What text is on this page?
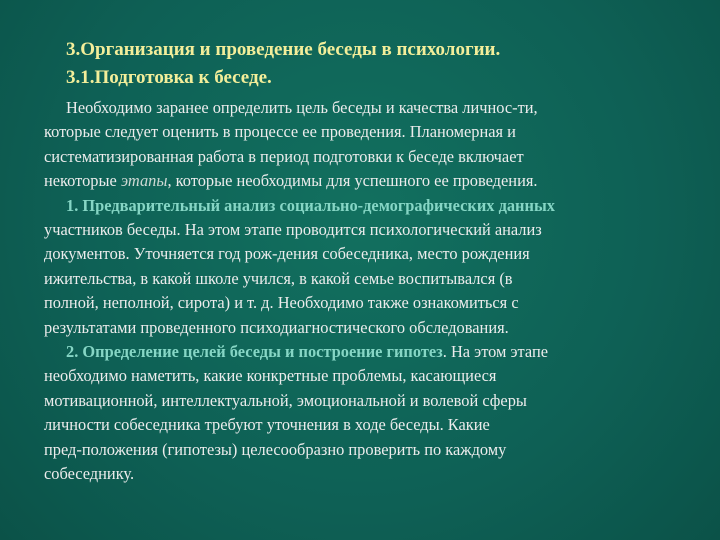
3.Организация и проведение беседы в психологии.
3.1.Подготовка к беседе.
Необходимо заранее определить цель беседы и качества личнос-ти,
которые следует оценить в процессе ее проведения. Планомерная и
систематизированная работа в период подготовки к беседе включает
некоторые этапы, которые необходимы для успешного ее проведения.
1. Предварительный анализ социально-демографических данных
участников беседы. На этом этапе проводится психологический анализ
документов. Уточняется год рож-дения собеседника, место рождения
ижительства, в какой школе учился, в какой семье воспитывался (в
полной, неполной, сирота) и т. д. Необходимо также ознакомиться с
результатами проведенного психодиагностического обследования.
2. Определение целей беседы и построение гипотез. На этом этапе
необходимо наметить, какие конкретные проблемы, касающиеся
мотивационной, интеллектуальной, эмоциональной и волевой сферы
личности собеседника требуют уточнения в ходе беседы. Какие
пред-положения (гипотезы) целесообразно проверить по каждому
собеседнику.
